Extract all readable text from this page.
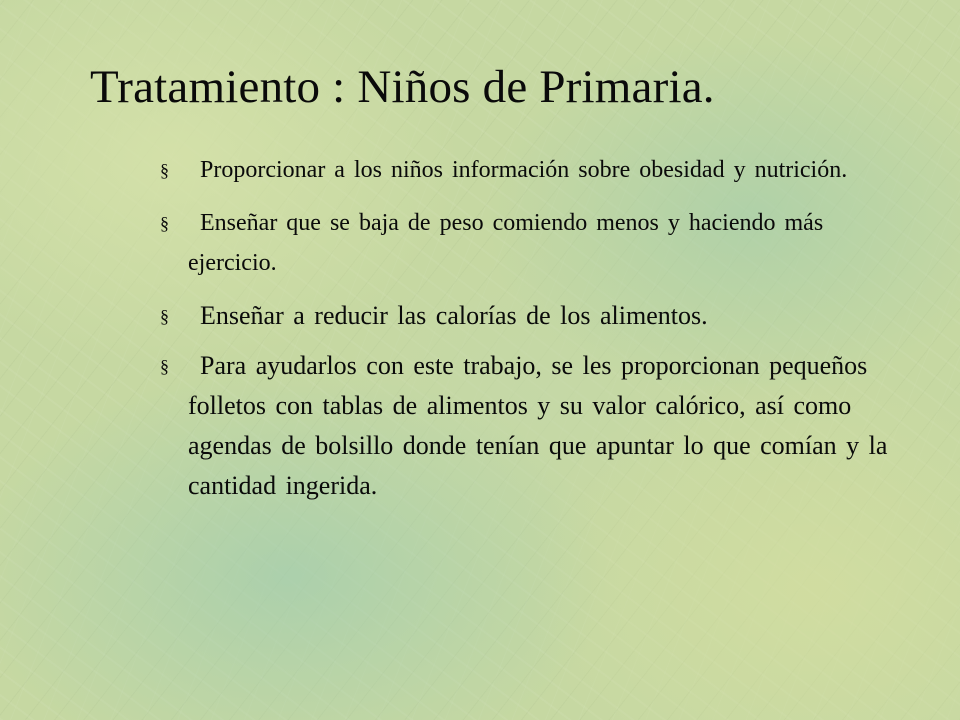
Tratamiento : Niños de Primaria.
§	Proporcionar a los niños información sobre obesidad y nutrición.
§	Enseñar que se baja de peso comiendo menos y haciendo más ejercicio.
§	Enseñar a reducir las calorías de los alimentos.
§	Para ayudarlos con este trabajo, se les proporcionan pequeños folletos con tablas de alimentos y su valor calórico, así como agendas de bolsillo donde tenían que apuntar lo que comían y la cantidad ingerida.
